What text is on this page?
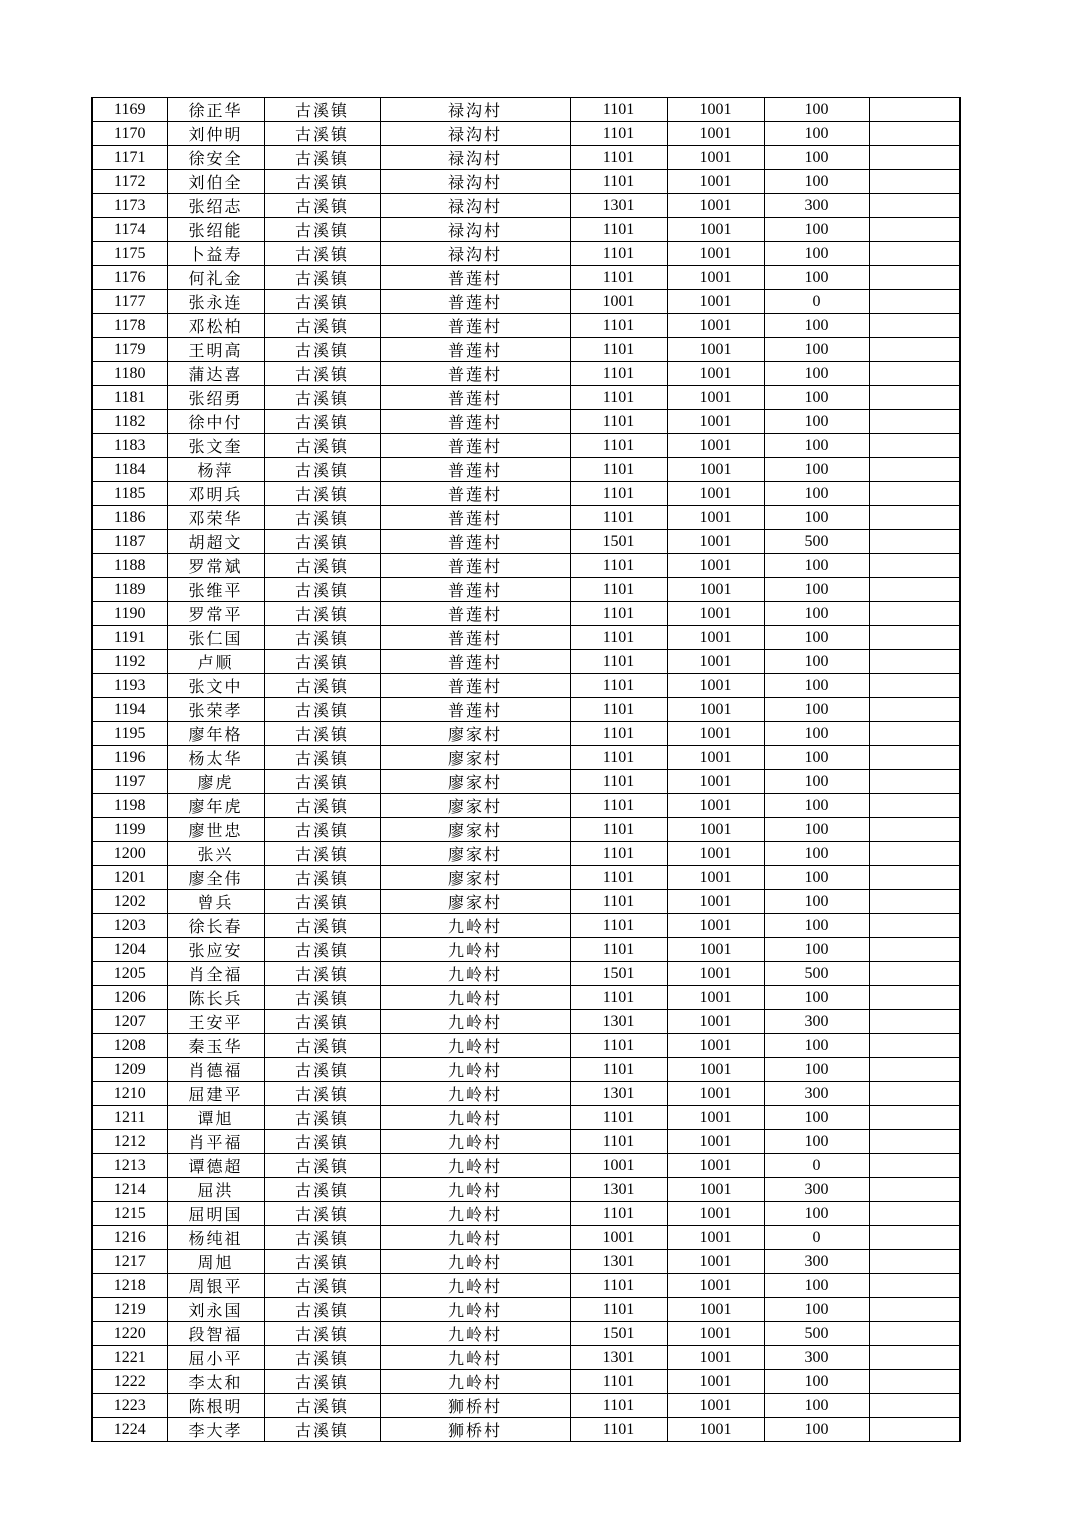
1169	徐正华	古溪镇	禄沟村	1101	1001	100	
1170	刘仲明	古溪镇	禄沟村	1101	1001	100	
1171	徐安全	古溪镇	禄沟村	1101	1001	100	
1172	刘伯全	古溪镇	禄沟村	1101	1001	100	
1173	张绍志	古溪镇	禄沟村	1301	1001	300	
1174	张绍能	古溪镇	禄沟村	1101	1001	100	
1175	卜益寿	古溪镇	禄沟村	1101	1001	100	
1176	何礼金	古溪镇	普莲村	1101	1001	100	
1177	张永连	古溪镇	普莲村	1001	1001	0	
1178	邓松柏	古溪镇	普莲村	1101	1001	100	
1179	王明高	古溪镇	普莲村	1101	1001	100	
1180	蒲达喜	古溪镇	普莲村	1101	1001	100	
1181	张绍勇	古溪镇	普莲村	1101	1001	100	
1182	徐中付	古溪镇	普莲村	1101	1001	100	
1183	张文奎	古溪镇	普莲村	1101	1001	100	
1184	杨萍	古溪镇	普莲村	1101	1001	100	
1185	邓明兵	古溪镇	普莲村	1101	1001	100	
1186	邓荣华	古溪镇	普莲村	1101	1001	100	
1187	胡超文	古溪镇	普莲村	1501	1001	500	
1188	罗常斌	古溪镇	普莲村	1101	1001	100	
1189	张维平	古溪镇	普莲村	1101	1001	100	
1190	罗常平	古溪镇	普莲村	1101	1001	100	
1191	张仁国	古溪镇	普莲村	1101	1001	100	
1192	卢顺	古溪镇	普莲村	1101	1001	100	
1193	张文中	古溪镇	普莲村	1101	1001	100	
1194	张荣孝	古溪镇	普莲村	1101	1001	100	
1195	廖年格	古溪镇	廖家村	1101	1001	100	
1196	杨太华	古溪镇	廖家村	1101	1001	100	
1197	廖虎	古溪镇	廖家村	1101	1001	100	
1198	廖年虎	古溪镇	廖家村	1101	1001	100	
1199	廖世忠	古溪镇	廖家村	1101	1001	100	
1200	张兴	古溪镇	廖家村	1101	1001	100	
1201	廖全伟	古溪镇	廖家村	1101	1001	100	
1202	曾兵	古溪镇	廖家村	1101	1001	100	
1203	徐长春	古溪镇	九岭村	1101	1001	100	
1204	张应安	古溪镇	九岭村	1101	1001	100	
1205	肖全福	古溪镇	九岭村	1501	1001	500	
1206	陈长兵	古溪镇	九岭村	1101	1001	100	
1207	王安平	古溪镇	九岭村	1301	1001	300	
1208	秦玉华	古溪镇	九岭村	1101	1001	100	
1209	肖德福	古溪镇	九岭村	1101	1001	100	
1210	屈建平	古溪镇	九岭村	1301	1001	300	
1211	谭旭	古溪镇	九岭村	1101	1001	100	
1212	肖平福	古溪镇	九岭村	1101	1001	100	
1213	谭德超	古溪镇	九岭村	1001	1001	0	
1214	屈洪	古溪镇	九岭村	1301	1001	300	
1215	屈明国	古溪镇	九岭村	1101	1001	100	
1216	杨纯祖	古溪镇	九岭村	1001	1001	0	
1217	周旭	古溪镇	九岭村	1301	1001	300	
1218	周银平	古溪镇	九岭村	1101	1001	100	
1219	刘永国	古溪镇	九岭村	1101	1001	100	
1220	段智福	古溪镇	九岭村	1501	1001	500	
1221	屈小平	古溪镇	九岭村	1301	1001	300	
1222	李太和	古溪镇	九岭村	1101	1001	100	
1223	陈根明	古溪镇	狮桥村	1101	1001	100	
1224	李大孝	古溪镇	狮桥村	1101	1001	100	
